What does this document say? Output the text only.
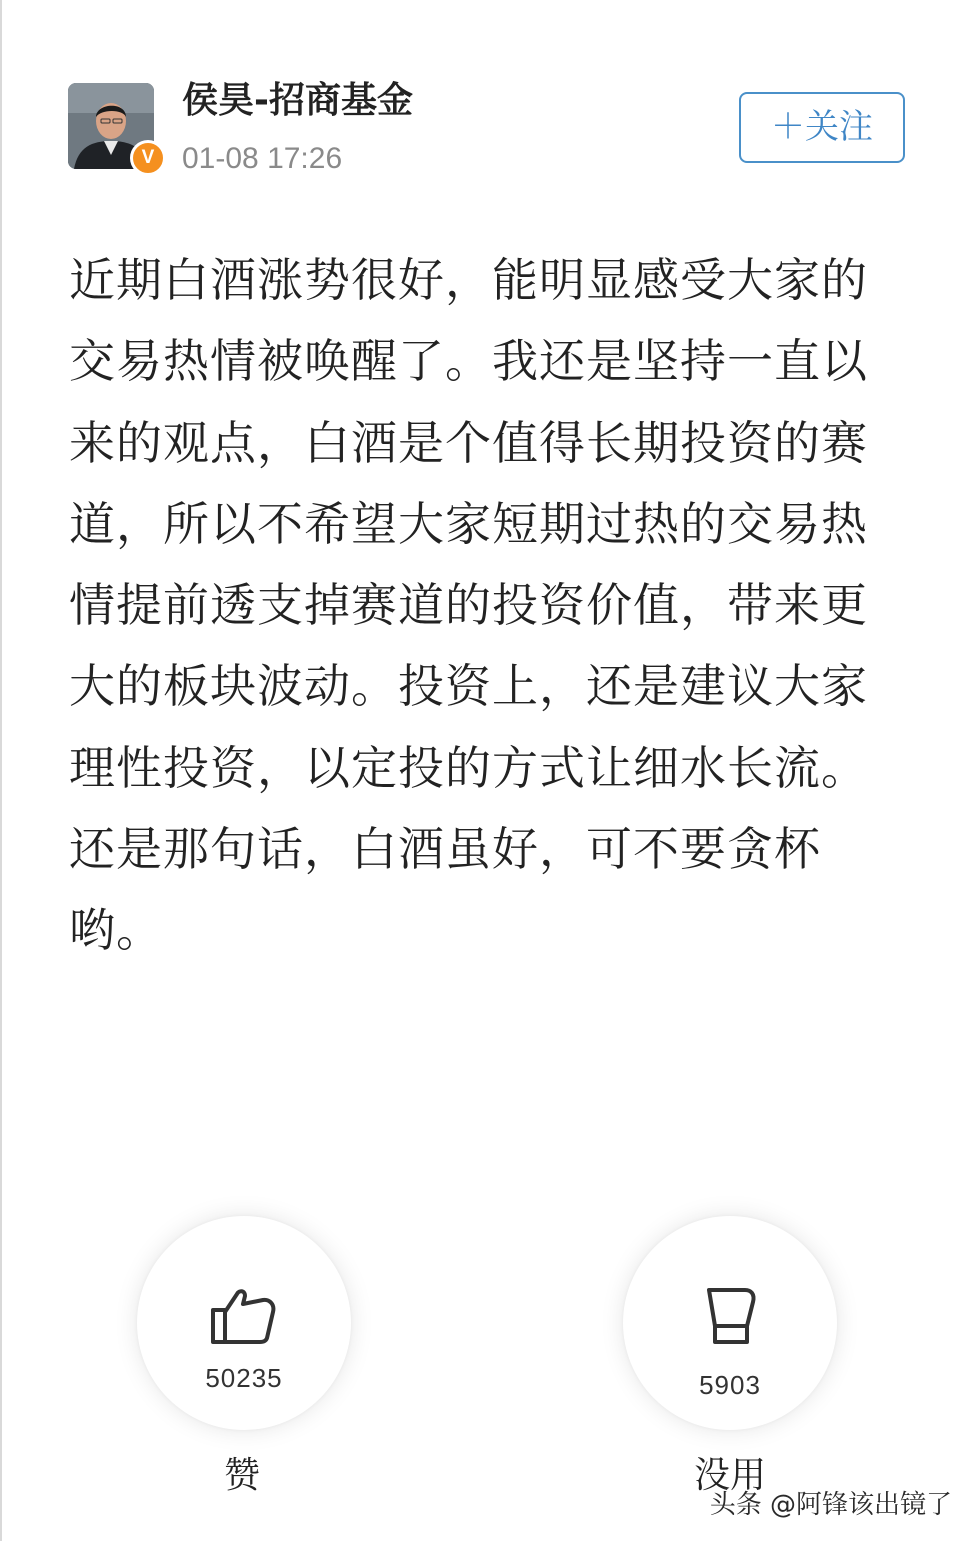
V
侯昊-招商基金
01-08 17:26
＋关注
近期白酒涨势很好，能明显感受大家的
交易热情被唤醒了。我还是坚持一直以
来的观点，白酒是个值得长期投资的赛
道，所以不希望大家短期过热的交易热
情提前透支掉赛道的投资价值，带来更
大的板块波动。投资上，还是建议大家
理性投资，以定投的方式让细水长流。
还是那句话，白酒虽好，可不要贪杯
哟。
50235
赞
5903
没用
头条 @阿锋该出镜了
